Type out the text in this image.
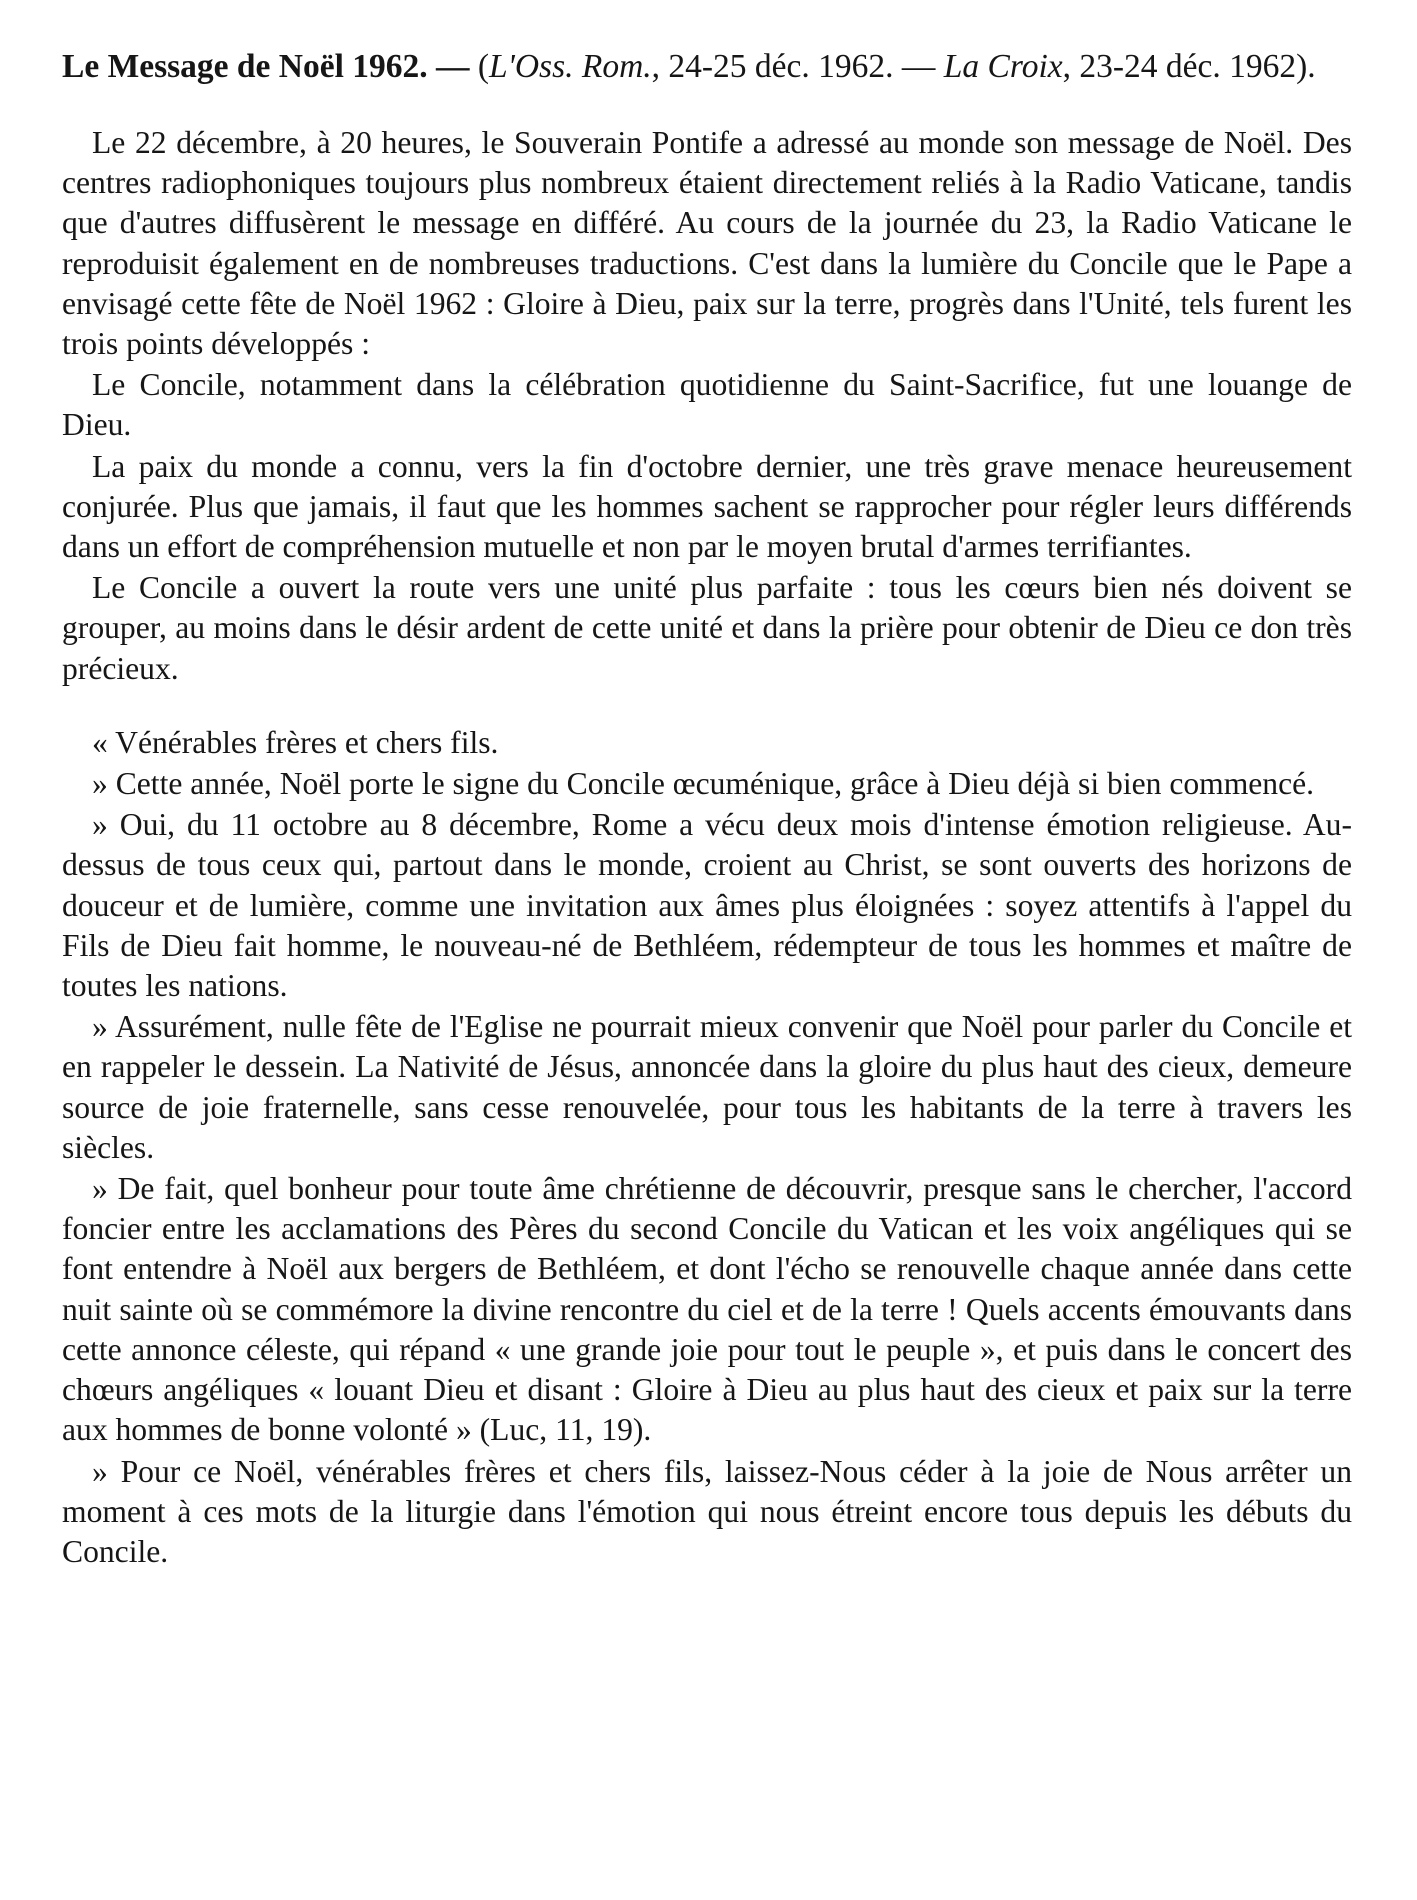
Le Message de Noël 1962. — (L'Oss. Rom., 24-25 déc. 1962. — La Croix, 23-24 déc. 1962).

Le 22 décembre, à 20 heures, le Souverain Pontife a adressé au monde son message de Noël. Des centres radiophoniques toujours plus nombreux étaient directement reliés à la Radio Vaticane, tandis que d'autres diffusèrent le message en différé. Au cours de la journée du 23, la Radio Vaticane le reproduisit également en de nombreuses traductions. C'est dans la lumière du Concile que le Pape a envisagé cette fête de Noël 1962 : Gloire à Dieu, paix sur la terre, progrès dans l'Unité, tels furent les trois points développés :

Le Concile, notamment dans la célébration quotidienne du Saint-Sacrifice, fut une louange de Dieu.

La paix du monde a connu, vers la fin d'octobre dernier, une très grave menace heureusement conjurée. Plus que jamais, il faut que les hommes sachent se rapprocher pour régler leurs différends dans un effort de compréhension mutuelle et non par le moyen brutal d'armes terrifiantes.

Le Concile a ouvert la route vers une unité plus parfaite : tous les cœurs bien nés doivent se grouper, au moins dans le désir ardent de cette unité et dans la prière pour obtenir de Dieu ce don très précieux.

« Vénérables frères et chers fils.

» Cette année, Noël porte le signe du Concile œcuménique, grâce à Dieu déjà si bien commencé.

» Oui, du 11 octobre au 8 décembre, Rome a vécu deux mois d'intense émotion religieuse. Au-dessus de tous ceux qui, partout dans le monde, croient au Christ, se sont ouverts des horizons de douceur et de lumière, comme une invitation aux âmes plus éloignées : soyez attentifs à l'appel du Fils de Dieu fait homme, le nouveau-né de Bethléem, rédempteur de tous les hommes et maître de toutes les nations.

» Assurément, nulle fête de l'Eglise ne pourrait mieux convenir que Noël pour parler du Concile et en rappeler le dessein. La Nativité de Jésus, annoncée dans la gloire du plus haut des cieux, demeure source de joie fraternelle, sans cesse renouvelée, pour tous les habitants de la terre à travers les siècles.

» De fait, quel bonheur pour toute âme chrétienne de découvrir, presque sans le chercher, l'accord foncier entre les acclamations des Pères du second Concile du Vatican et les voix angéliques qui se font entendre à Noël aux bergers de Bethléem, et dont l'écho se renouvelle chaque année dans cette nuit sainte où se commémore la divine rencontre du ciel et de la terre ! Quels accents émouvants dans cette annonce céleste, qui répand « une grande joie pour tout le peuple », et puis dans le concert des chœurs angéliques « louant Dieu et disant : Gloire à Dieu au plus haut des cieux et paix sur la terre aux hommes de bonne volonté » (Luc, 11, 19).

» Pour ce Noël, vénérables frères et chers fils, laissez-Nous céder à la joie de Nous arrêter un moment à ces mots de la liturgie dans l'émotion qui nous étreint encore tous depuis les débuts du Concile.
